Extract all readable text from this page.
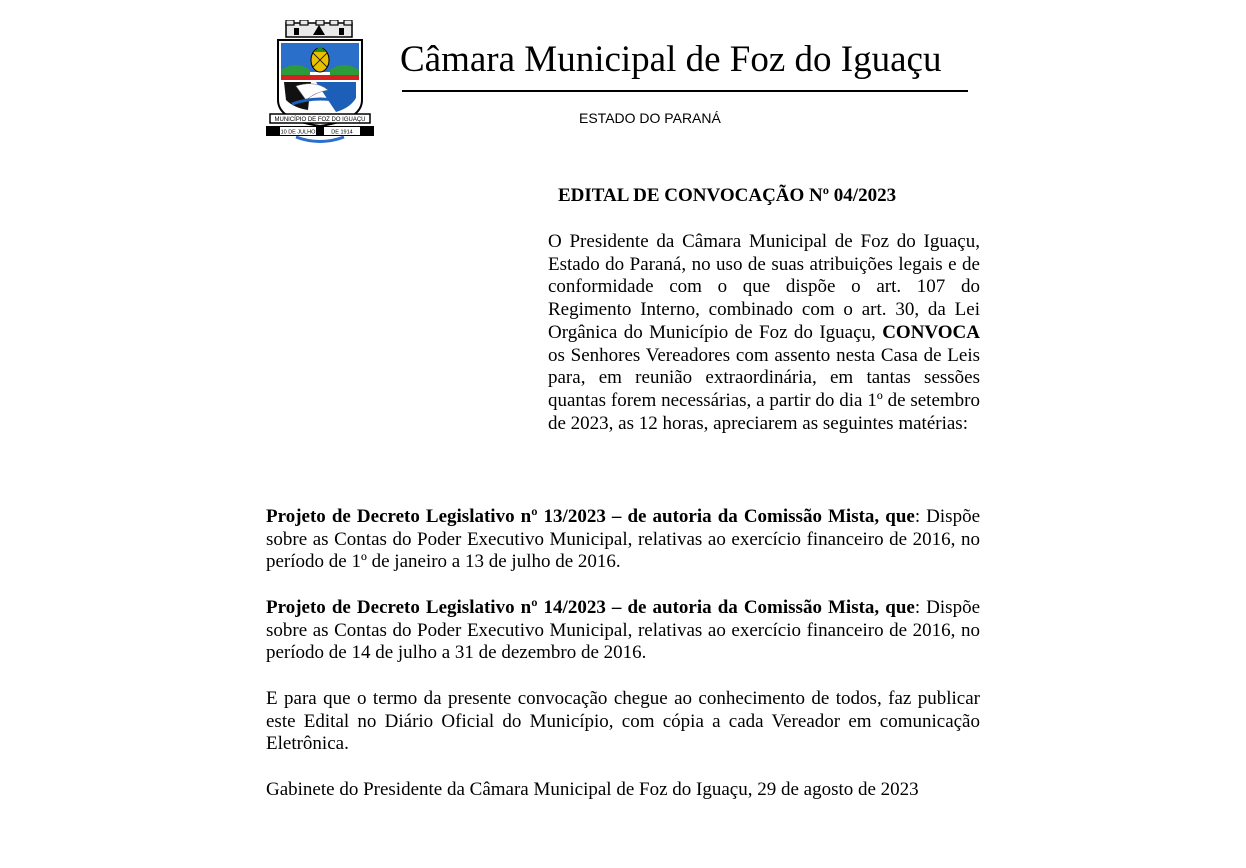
MUNICÍPIO DE FOZ DO IGUAÇU
10 DE JULHO	DE 1914
Câmara Municipal de Foz do Iguaçu
ESTADO DO PARANÁ
EDITAL DE CONVOCAÇÃO Nº 04/2023

O Presidente da Câmara Municipal de Foz do Iguaçu, Estado do Paraná, no uso de suas atribuições legais e de conformidade com o que dispõe o art. 107 do Regimento Interno, combinado com o art. 30, da Lei Orgânica do Município de Foz do Iguaçu, CONVOCA os Senhores Vereadores com assento nesta Casa de Leis para, em reunião extraordinária, em tantas sessões quantas forem necessárias, a partir do dia 1º de setembro de 2023, as 12 horas, apreciarem as seguintes matérias:

Projeto de Decreto Legislativo nº 13/2023 – de autoria da Comissão Mista, que: Dispõe sobre as Contas do Poder Executivo Municipal, relativas ao exercício financeiro de 2016, no período de 1º de janeiro a 13 de julho de 2016.

Projeto de Decreto Legislativo nº 14/2023 – de autoria da Comissão Mista, que: Dispõe sobre as Contas do Poder Executivo Municipal, relativas ao exercício financeiro de 2016, no período de 14 de julho a 31 de dezembro de 2016.

E para que o termo da presente convocação chegue ao conhecimento de todos, faz publicar este Edital no Diário Oficial do Município, com cópia a cada Vereador em comunicação Eletrônica.

Gabinete do Presidente da Câmara Municipal de Foz do Iguaçu, 29 de agosto de 2023
